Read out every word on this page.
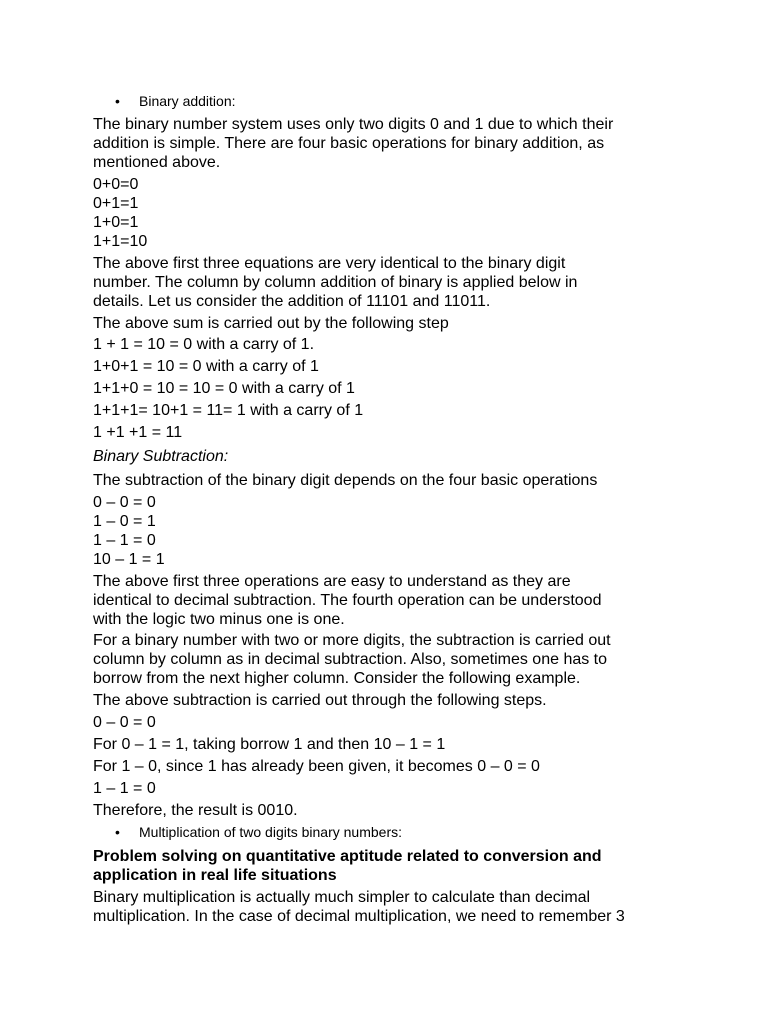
• Binary addition:
The binary number system uses only two digits 0 and 1 due to which their
addition is simple. There are four basic operations for binary addition, as
mentioned above.
0+0=0
0+1=1
1+0=1
1+1=10
The above first three equations are very identical to the binary digit
number. The column by column addition of binary is applied below in
details. Let us consider the addition of 11101 and 11011.
The above sum is carried out by the following step
1 + 1 = 10 = 0 with a carry of 1.
1+0+1 = 10 = 0 with a carry of 1
1+1+0 = 10 = 10 = 0 with a carry of 1
1+1+1= 10+1 = 11= 1 with a carry of 1
1 +1 +1 = 11
Binary Subtraction:
The subtraction of the binary digit depends on the four basic operations
0 – 0 = 0
1 – 0 = 1
1 – 1 = 0
10 – 1 = 1
The above first three operations are easy to understand as they are
identical to decimal subtraction. The fourth operation can be understood
with the logic two minus one is one.
For a binary number with two or more digits, the subtraction is carried out
column by column as in decimal subtraction. Also, sometimes one has to
borrow from the next higher column. Consider the following example.
The above subtraction is carried out through the following steps.
0 – 0 = 0
For 0 – 1 = 1, taking borrow 1 and then 10 – 1 = 1
For 1 – 0, since 1 has already been given, it becomes 0 – 0 = 0
1 – 1 = 0
Therefore, the result is 0010.
• Multiplication of two digits binary numbers:
Problem solving on quantitative aptitude related to conversion and
application in real life situations
Binary multiplication is actually much simpler to calculate than decimal
multiplication. In the case of decimal multiplication, we need to remember 3
